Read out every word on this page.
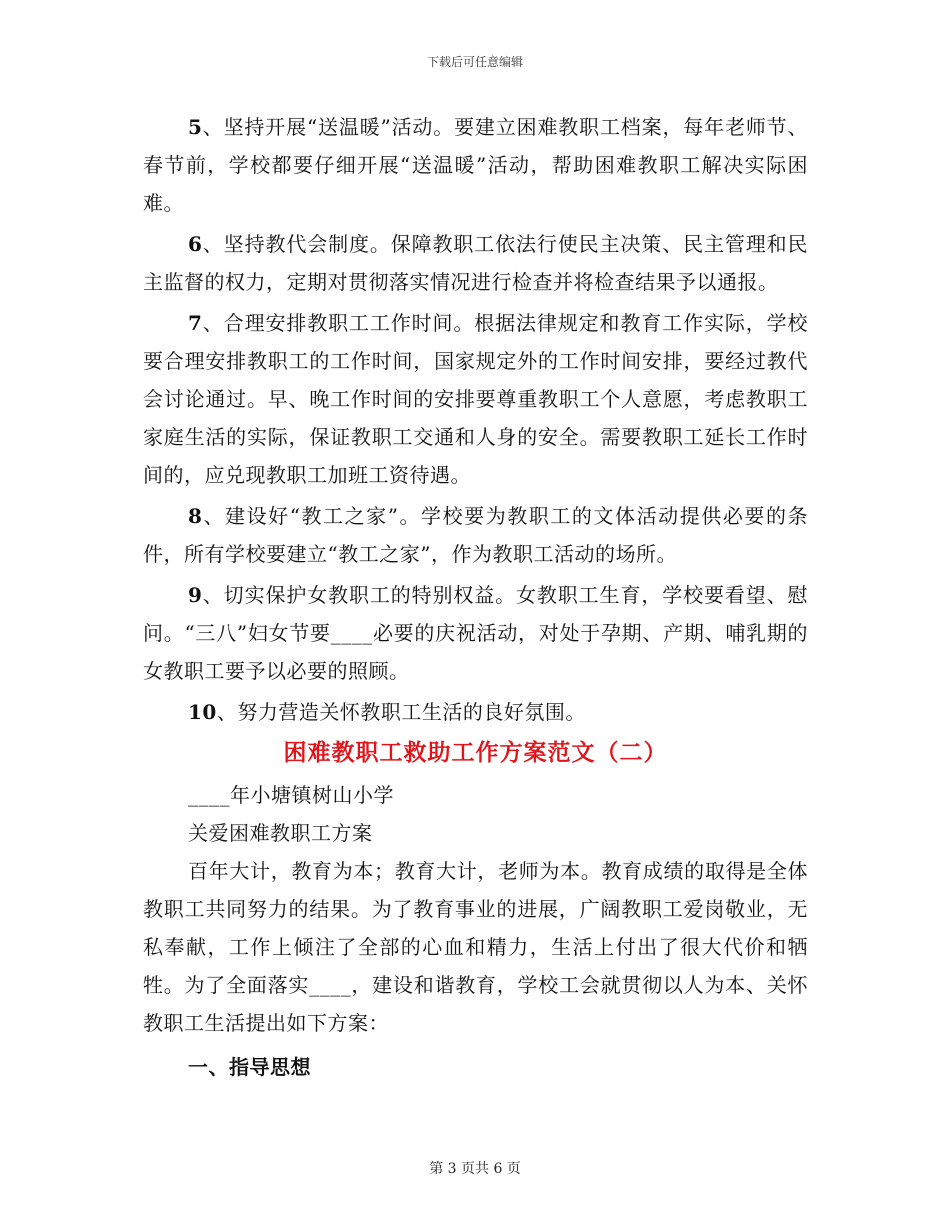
下载后可任意编辑

5、坚持开展“送温暖”活动。要建立困难教职工档案，每年老师节、春节前，学校都要仔细开展“送温暖”活动，帮助困难教职工解决实际困难。

6、坚持教代会制度。保障教职工依法行使民主决策、民主管理和民主监督的权力，定期对贯彻落实情况进行检查并将检查结果予以通报。

7、合理安排教职工工作时间。根据法律规定和教育工作实际，学校要合理安排教职工的工作时间，国家规定外的工作时间安排，要经过教代会讨论通过。早、晚工作时间的安排要尊重教职工个人意愿，考虑教职工家庭生活的实际，保证教职工交通和人身的安全。需要教职工延长工作时间的，应兑现教职工加班工资待遇。

8、建设好“教工之家”。学校要为教职工的文体活动提供必要的条件，所有学校要建立“教工之家”，作为教职工活动的场所。

9、切实保护女教职工的特别权益。女教职工生育，学校要看望、慰问。“三八”妇女节要____必要的庆祝活动，对处于孕期、产期、哺乳期的女教职工要予以必要的照顾。

10、努力营造关怀教职工生活的良好氛围。

困难教职工救助工作方案范文（二）

____年小塘镇树山小学

关爱困难教职工方案

百年大计，教育为本；教育大计，老师为本。教育成绩的取得是全体教职工共同努力的结果。为了教育事业的进展，广阔教职工爱岗敬业，无私奉献，工作上倾注了全部的心血和精力，生活上付出了很大代价和牺牲。为了全面落实____，建设和谐教育，学校工会就贯彻以人为本、关怀教职工生活提出如下方案：

一、指导思想

第 3 页共 6 页
